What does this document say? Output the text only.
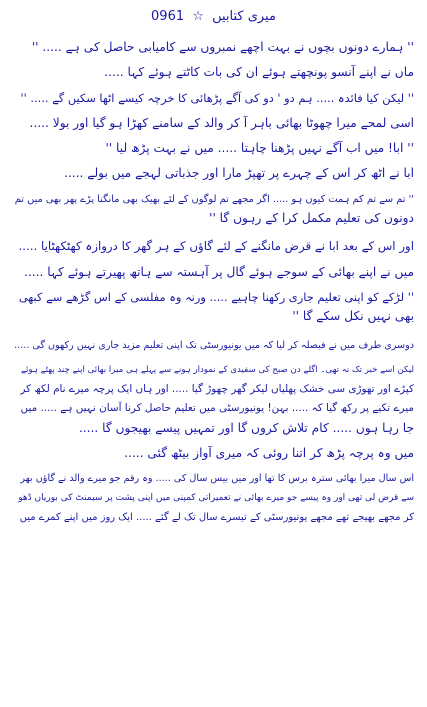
میری کتابیں ☆ 0961
'' ہمارے دونوں بچوں نے بہت اچھے نمبروں سے کامیابی حاصل کی ہے ..... ''
ماں نے اپنے آنسو پونچھتے ہوئے ان کی بات کاٹتے ہوئے کہا .....
'' لیکن کیا فائدہ ..... ہم دو ' دو کی آگے پڑھائی کا خرچہ کیسے اٹھا سکیں گے ..... ''
اسی لمحے میرا چھوٹا بھائی باہر آ کر والد کے سامنے کھڑا ہو گیا اور بولا .....
'' ابا! میں اب آگے نہیں پڑھنا چاہتا ..... میں نے بہت پڑھ لیا ''
ابا نے اٹھ کر اس کے چہرے پر تھپڑ مارا اور جذباتی لہجے میں بولے .....
'' تم سے تم کم ہمت کیوں ہو ..... اگر مجھے تم لوگوں کے لئے بھیک بھی مانگنا پڑے پھر بھی میں تم
دونوں کی تعلیم مکمل کرا کے رہوں گا ''
اور اس کے بعد ابا نے قرض مانگنے کے لئے گاؤں کے ہر گھر کا دروازہ کھٹکھٹایا .....
میں نے اپنے بھائی کے سوجے ہوئے گال پر آہستہ سے ہاتھ پھیرتے ہوئے کہا .....
'' لڑکے کو اپنی تعلیم جاری رکھنا چاہیے ..... ورنہ وہ مفلسی کے اس گڑھے سے کبھی
بھی نہیں نکل سکے گا ''
دوسری طرف میں نے فیصلہ کر لیا کہ میں یونیورسٹی تک اپنی تعلیم مزید جاری نہیں رکھوں گی .....
لیکن اسے خبر تک نہ تھی۔ اگلے دن صبح کی سفیدی کے نمودار ہونے سے پہلے ہی میرا بھائی اپنے چند پھٹے ہوئے
کپڑے اور تھوڑی سی خشک پھلیاں لیکر گھر چھوڑ گیا ..... اور ہاں ایک پرچہ میرے نام لکھ کر
میرے تکیے پر رکھ گیا کہ ..... بہن! یونیورسٹی میں تعلیم حاصل کرنا آسان نہیں ہے ..... میں
جا رہا ہوں ..... کام تلاش کروں گا اور تمہیں پیسے بھیجوں گا .....
میں وہ پرچہ پڑھ کر اتنا روئی کہ میری آواز بیٹھ گئی .....
اس سال میرا بھائی سترہ برس کا تھا اور میں بیس سال کی ..... وہ رقم جو میرے والد نے گاؤں بھر
سے قرض لی تھی اور وہ پیسے جو میرے بھائی نے تعمیراتی کمپنی میں اپنی پشت پر سیمنٹ کی بوریاں ڈھو
کر مجھے بھیجے تھے مجھے یونیورسٹی کے تیسرے سال تک لے گئے ..... ایک روز میں اپنے کمرے میں
